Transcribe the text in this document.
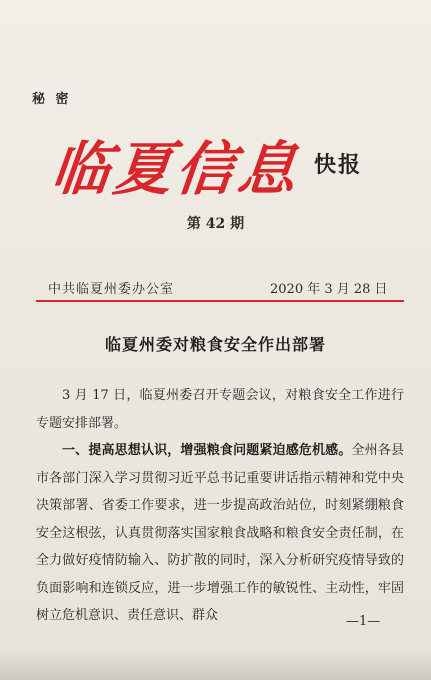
秘 密
临夏信息 快报
第 42 期
中共临夏州委办公室	2020 年 3 月 28 日
临夏州委对粮食安全作出部署

3 月 17 日，临夏州委召开专题会议，对粮食安全工作进行专题安排部署。

一、提高思想认识，增强粮食问题紧迫感危机感。全州各县市各部门深入学习贯彻习近平总书记重要讲话指示精神和党中央决策部署、省委工作要求，进一步提高政治站位，时刻紧绷粮食安全这根弦，认真贯彻落实国家粮食战略和粮食安全责任制，在全力做好疫情防输入、防扩散的同时，深入分析研究疫情导致的负面影响和连锁反应，进一步增强工作的敏锐性、主动性，牢固树立危机意识、责任意识、群众	—1—
